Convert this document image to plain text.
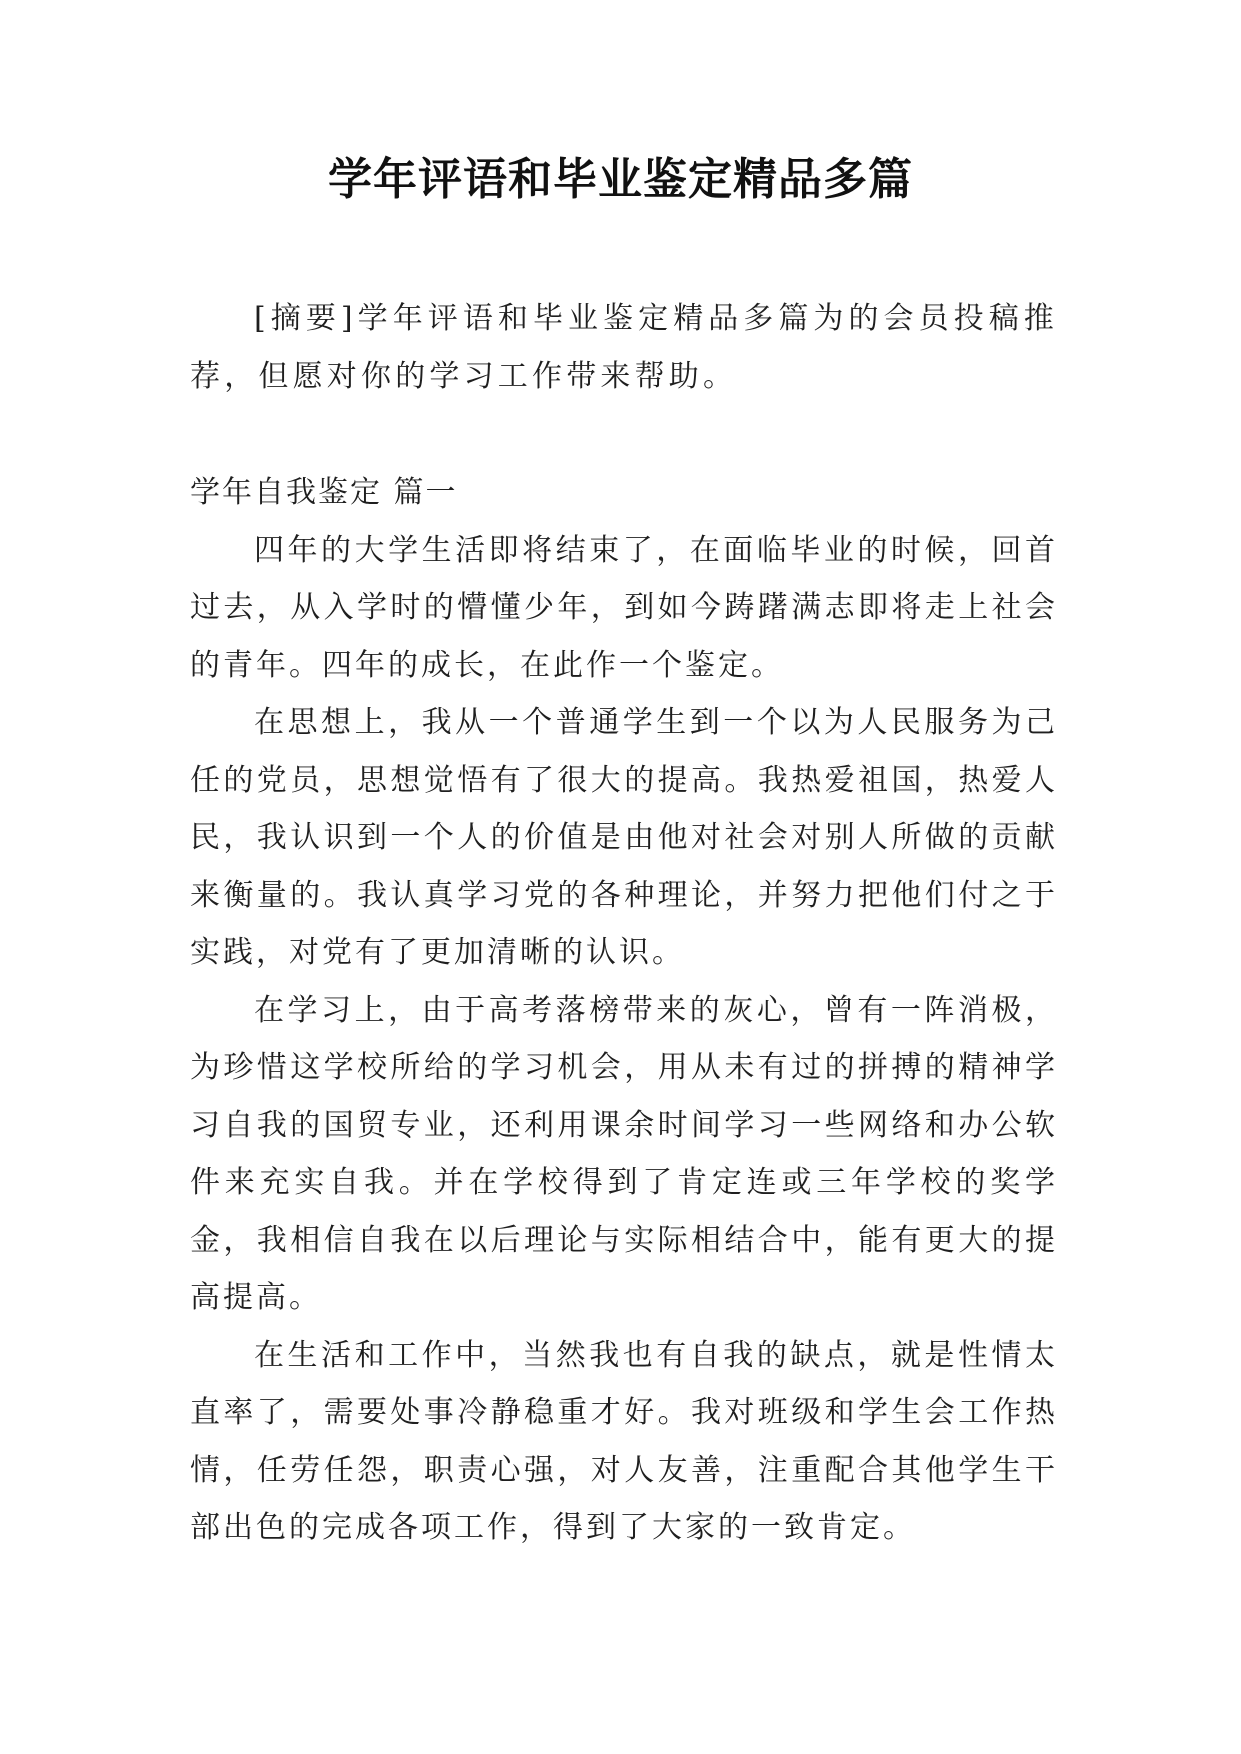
学年评语和毕业鉴定精品多篇

[摘要]学年评语和毕业鉴定精品多篇为的会员投稿推荐，但愿对你的学习工作带来帮助。

学年自我鉴定 篇一

四年的大学生活即将结束了，在面临毕业的时候，回首过去，从入学时的懵懂少年，到如今踌躇满志即将走上社会的青年。四年的成长，在此作一个鉴定。

在思想上，我从一个普通学生到一个以为人民服务为己任的党员，思想觉悟有了很大的提高。我热爱祖国，热爱人民，我认识到一个人的价值是由他对社会对别人所做的贡献来衡量的。我认真学习党的各种理论，并努力把他们付之于实践，对党有了更加清晰的认识。

在学习上，由于高考落榜带来的灰心，曾有一阵消极，为珍惜这学校所给的学习机会，用从未有过的拼搏的精神学习自我的国贸专业，还利用课余时间学习一些网络和办公软件来充实自我。并在学校得到了肯定连或三年学校的奖学金，我相信自我在以后理论与实际相结合中，能有更大的提高提高。

在生活和工作中，当然我也有自我的缺点，就是性情太直率了，需要处事冷静稳重才好。我对班级和学生会工作热情，任劳任怨，职责心强，对人友善，注重配合其他学生干部出色的完成各项工作，得到了大家的一致肯定。
